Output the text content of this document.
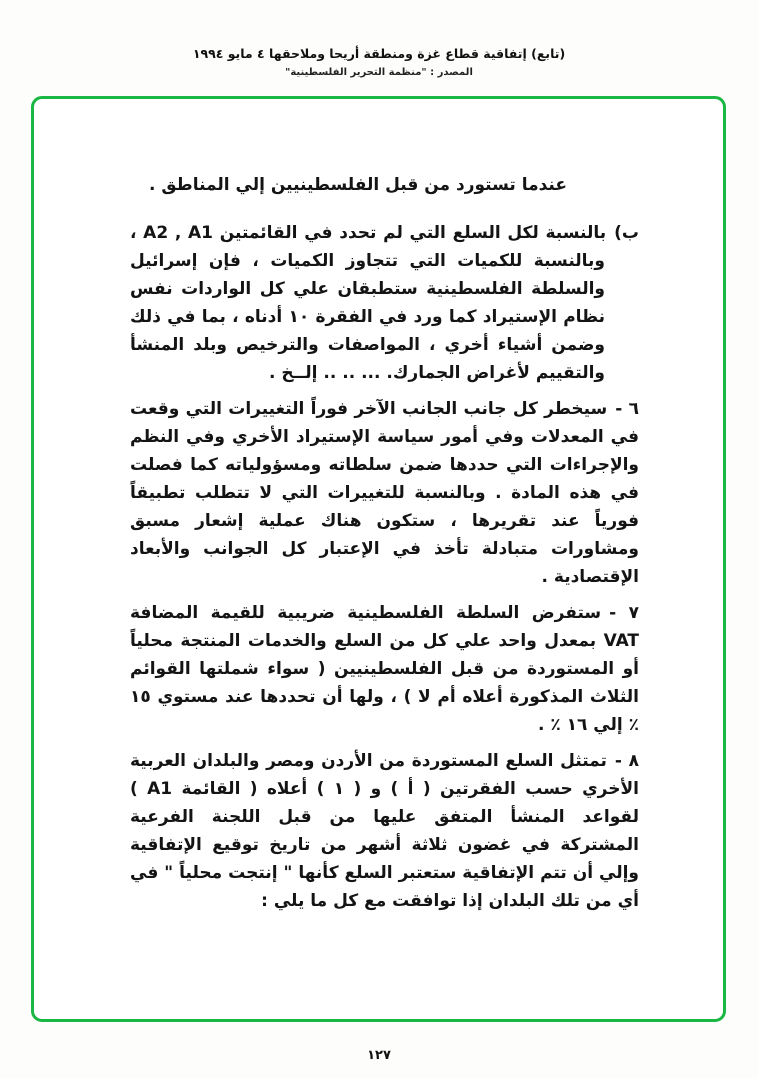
(تابع) إتفاقية قطاع غزة ومنطقة أريحا وملاحقها ٤ مايو ١٩٩٤
المصدر : "منظمة التحرير الفلسطينية"

عندما تستورد من قبل الفلسطينيين إلي المناطق .

ب)بالنسبة لكل السلع التي لم تحدد في القائمتين A2 , A1 ، وبالنسبة للكميات التي تتجاوز الكميات ، فإن إسرائيل والسلطة الفلسطينية ستطبقان علي كل الواردات نفس نظام الإستيراد كما ورد في الفقرة ١٠ أدناه ، بما في ذلك وضمن أشياء أخري ، المواصفات والترخيص وبلد المنشأ والتقييم لأغراض الجمارك. ... .. .. إلــخ .

٦ -سيخطر كل جانب الجانب الآخر فوراً التغييرات التي وقعت في المعدلات وفي أمور سياسة الإستيراد الأخري وفي النظم والإجراءات التي حددها ضمن سلطاته ومسؤولياته كما فصلت في هذه المادة . وبالنسبة للتغييرات التي لا تتطلب تطبيقاً فورياً عند تقريرها ، ستكون هناك عملية إشعار مسبق ومشاورات متبادلة تأخذ في الإعتبار كل الجوانب والأبعاد الإقتصادية .

٧ -ستفرض السلطة الفلسطينية ضريبية للقيمة المضافة VAT بمعدل واحد علي كل من السلع والخدمات المنتجة محلياً أو المستوردة من قبل الفلسطينيين ( سواء شملتها القوائم الثلاث المذكورة أعلاه أم لا ) ، ولها أن تحددها عند مستوي ١٥ ٪ إلي ١٦ ٪ .

٨ -تمتثل السلع المستوردة من الأردن ومصر والبلدان العربية الأخري حسب الفقرتين ( أ ) و ( ١ ) أعلاه ( القائمة A1 ) لقواعد المنشأ المتفق عليها من قبل اللجنة الفرعية المشتركة في غضون ثلاثة أشهر من تاريخ توقيع الإتفاقية وإلي أن تتم الإتفاقية ستعتبر السلع كأنها " إنتجت محلياً " في أي من تلك البلدان إذا توافقت مع كل ما يلي :

١٢٧
